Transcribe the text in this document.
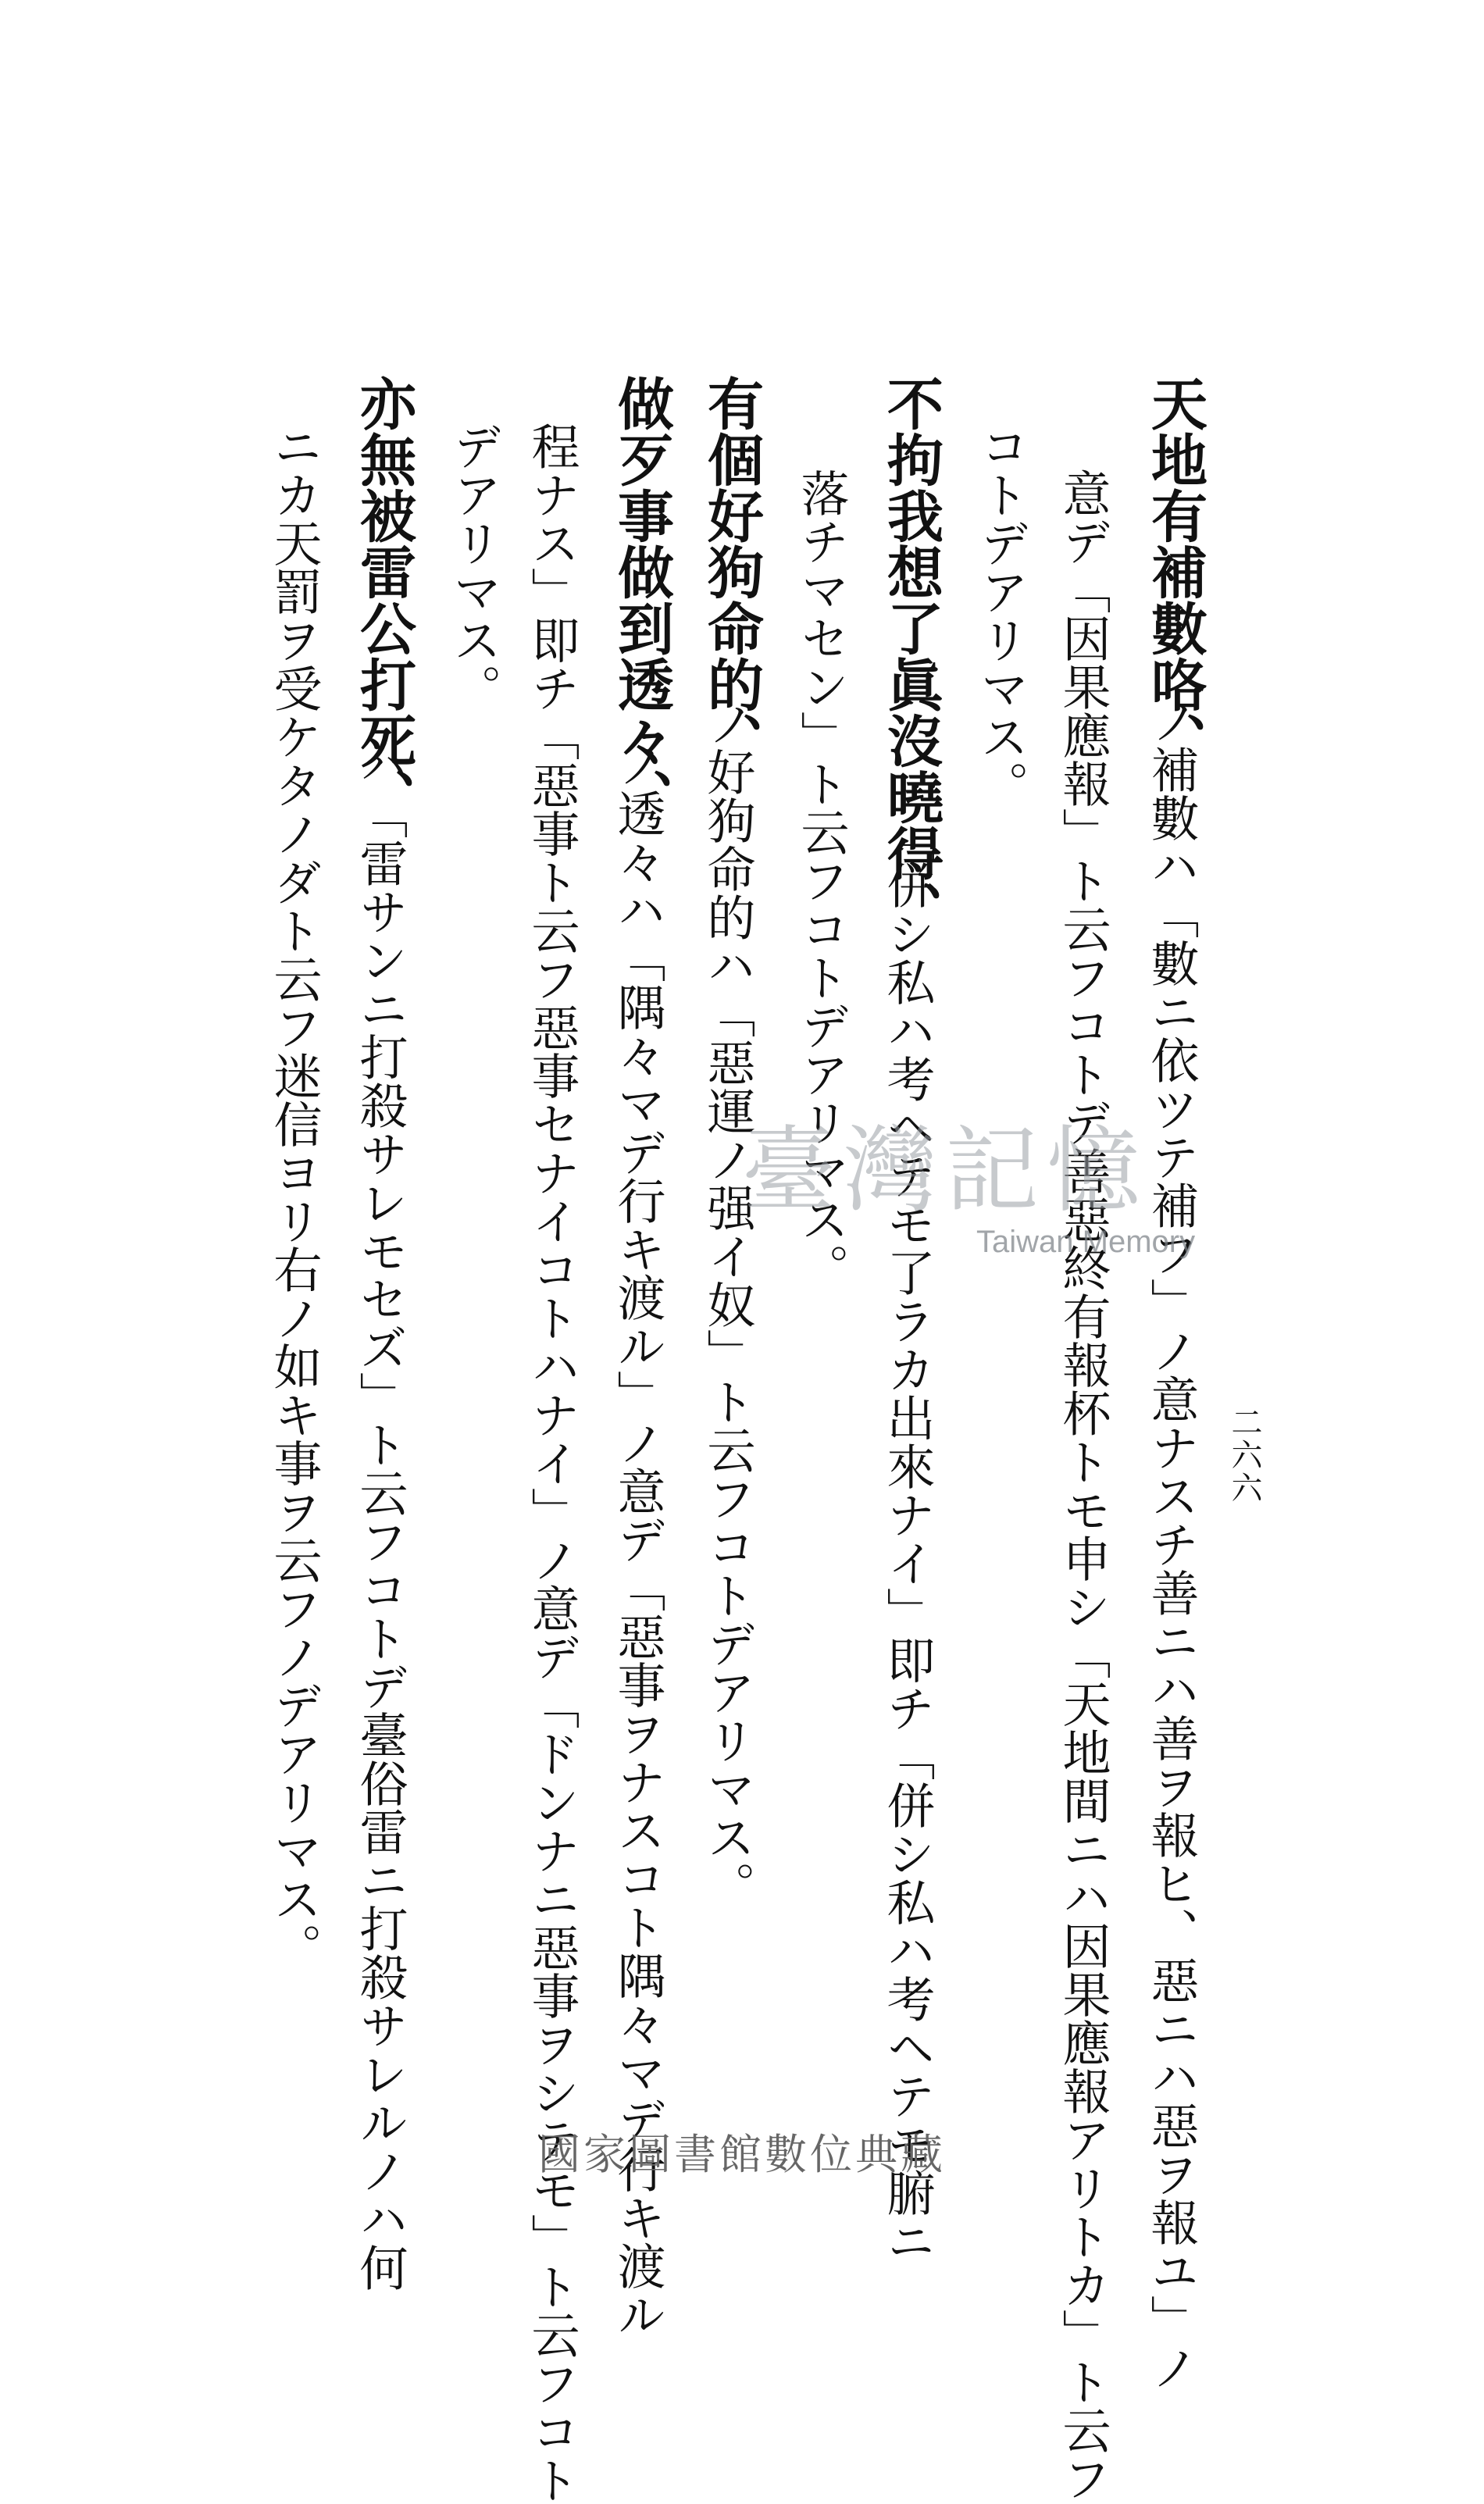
二六六
天地有補數咯、
ノ補數ハ「數ニ依ツテ補フ」ノ意ナスチ善ニハ善ヲ報ヒ、惡ニハ惡ヲ報ユ」ノ
意デ「因果應報」ト云フコトデ善惡終有報杯トモ申シ「天地間ニハ因果應報アリトカ」ト云フ
コトデアリマス。
不拘我想了眞沒曉得、
「併シ私ハ考ヘテモ了ラカ出來ナイ」即チ「併シ私ハ考ヘテモ腑ニ
落チマセン」ト云フコトデアリマス。
有個好狗命的、
ノ好狗命的ハ「惡運ノ强イ奴」ト云フコトデアリマス。
做歹事做到透々、
ノ透々ハ「隅々マデ行キ渡ル」ノ意デ「惡事ヲナスコト隅々マデ行キ渡ル
程ナス」即チ「惡事ト云フ惡事セナイコトハナイ」ノ意デ「ドンナニ惡事ヲシテモ」ト云フコト
デアリマス。
亦無被雷公打死、
ハ「雷サンニ打殺サレモセズ」ト云フコトデ臺俗雷ニ打殺サレルノハ何
ニカ天罰ヲ受ケタノダト云フ迷信ヨリ右ノ如キ事ヲ云フノデアリマス。	臺灣記憶
Taiwan Memory
國家圖書館數位典藏
